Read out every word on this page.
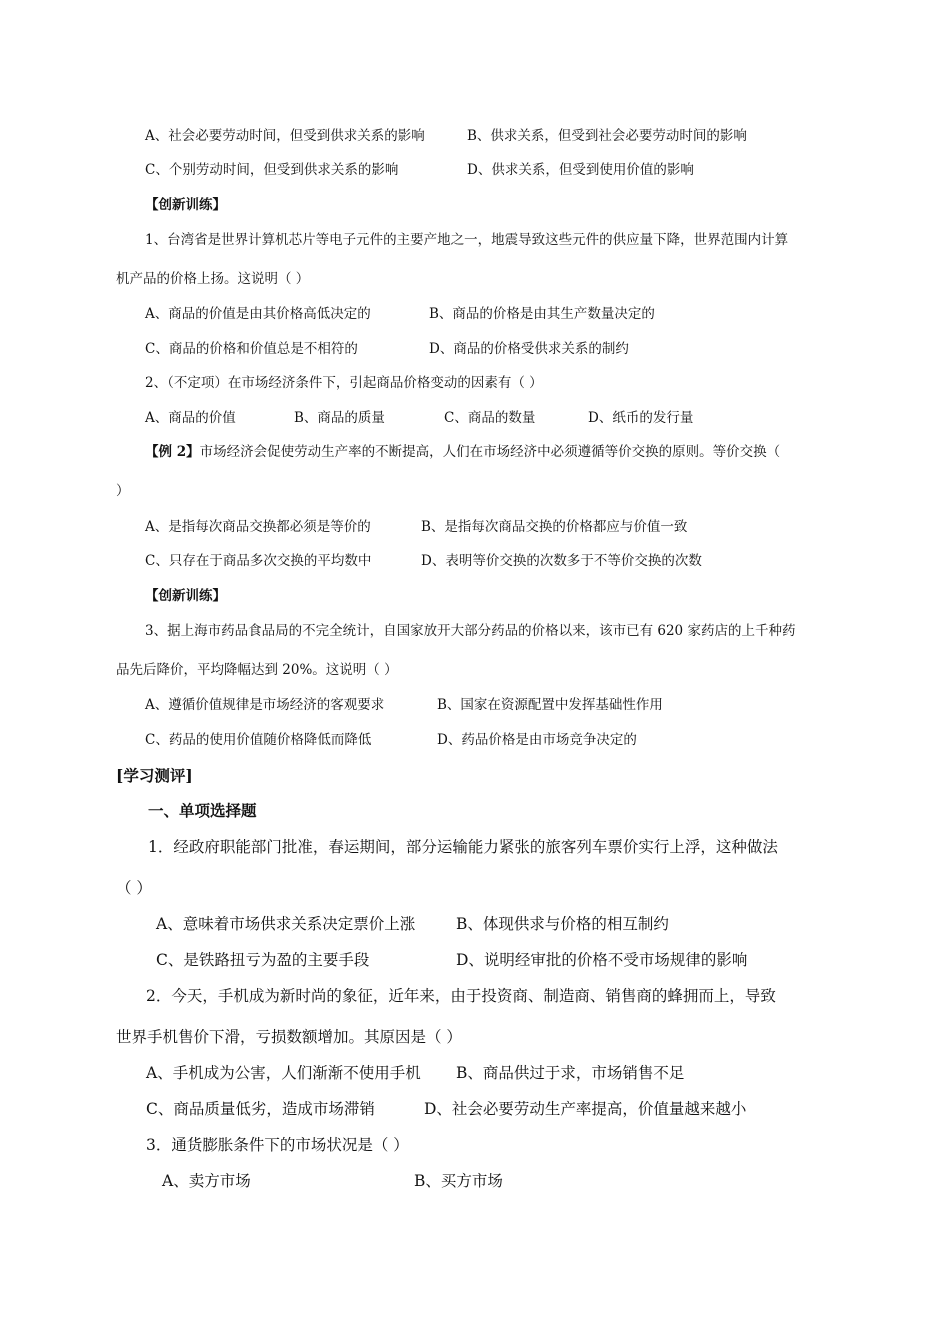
A、社会必要劳动时间，但受到供求关系的影响	B、供求关系，但受到社会必要劳动时间的影响
C、个别劳动时间，但受到供求关系的影响	D、供求关系，但受到使用价值的影响
【创新训练】
1、台湾省是世界计算机芯片等电子元件的主要产地之一，地震导致这些元件的供应量下降，世界范围内计算
机产品的价格上扬。这说明（ ）
A、商品的价值是由其价格高低决定的	B、商品的价格是由其生产数量决定的
C、商品的价格和价值总是不相符的	D、商品的价格受供求关系的制约
2、（不定项）在市场经济条件下，引起商品价格变动的因素有（ ）
A、商品的价值	B、商品的质量	C、商品的数量	D、纸币的发行量
【例 2】市场经济会促使劳动生产率的不断提高，人们在市场经济中必须遵循等价交换的原则。等价交换（
）
A、是指每次商品交换都必须是等价的	B、是指每次商品交换的价格都应与价值一致
C、只存在于商品多次交换的平均数中	D、表明等价交换的次数多于不等价交换的次数
【创新训练】
3、据上海市药品食品局的不完全统计，自国家放开大部分药品的价格以来，该市已有 620 家药店的上千种药
品先后降价，平均降幅达到 20%。这说明（ ）
A、遵循价值规律是市场经济的客观要求	B、国家在资源配置中发挥基础性作用
C、药品的使用价值随价格降低而降低	D、药品价格是由市场竞争决定的
[学习测评]
一、单项选择题
1．经政府职能部门批准，春运期间，部分运输能力紧张的旅客列车票价实行上浮，这种做法
（ ）
A、意味着市场供求关系决定票价上涨	B、体现供求与价格的相互制约
C、是铁路扭亏为盈的主要手段	D、说明经审批的价格不受市场规律的影响
2．今天，手机成为新时尚的象征，近年来，由于投资商、制造商、销售商的蜂拥而上，导致
世界手机售价下滑，亏损数额增加。其原因是（ ）
A、手机成为公害，人们渐渐不使用手机 B、商品供过于求，市场销售不足
C、商品质量低劣，造成市场滞销	D、社会必要劳动生产率提高，价值量越来越小
3．通货膨胀条件下的市场状况是（ ）
A、卖方市场	B、买方市场
